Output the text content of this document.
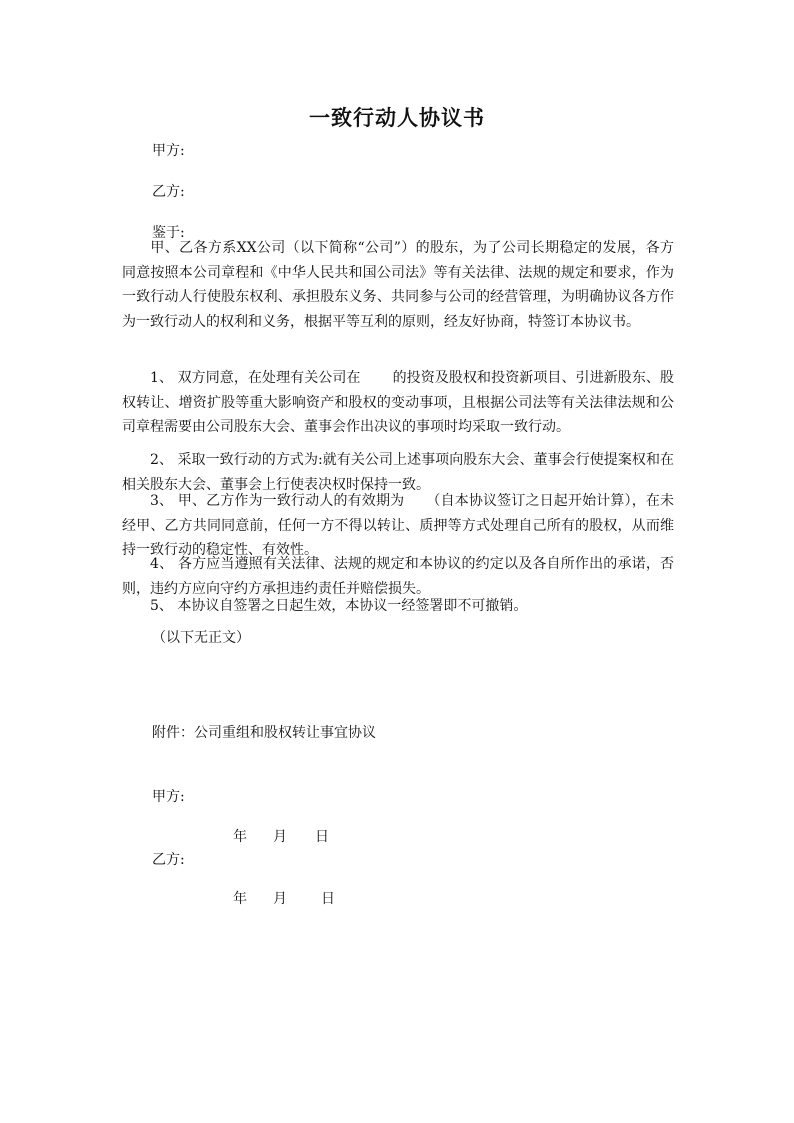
一致行动人协议书
甲方:
乙方:
鉴于:

甲、乙各方系XX公司（以下简称“公司”）的股东，为了公司长期稳定的发展，各方同意按照本公司章程和《中华人民共和国公司法》等有关法律、法规的规定和要求，作为一致行动人行使股东权利、承担股东义务、共同参与公司的经营管理，为明确协议各方作为一致行动人的权利和义务，根据平等互利的原则，经友好协商，特签订本协议书。

1、 双方同意，在处理有关公司在 的投资及股权和投资新项目、引进新股东、股权转让、增资扩股等重大影响资产和股权的变动事项，且根据公司法等有关法律法规和公司章程需要由公司股东大会、董事会作出决议的事项时均采取一致行动。

2、 采取一致行动的方式为:就有关公司上述事项向股东大会、董事会行使提案权和在相关股东大会、董事会上行使表决权时保持一致。

3、 甲、乙方作为一致行动人的有效期为 （自本协议签订之日起开始计算），在未经甲、乙方共同同意前，任何一方不得以转让、质押等方式处理自己所有的股权，从而维持一致行动的稳定性、有效性。

4、 各方应当遵照有关法律、法规的规定和本协议的约定以及各自所作出的承诺，否则，违约方应向守约方承担违约责任并赔偿损失。

5、 本协议自签署之日起生效，本协议一经签署即不可撤销。

（以下无正文）
附件：公司重组和股权转让事宜协议
甲方:
年 月 日
乙方:
年 月 日
